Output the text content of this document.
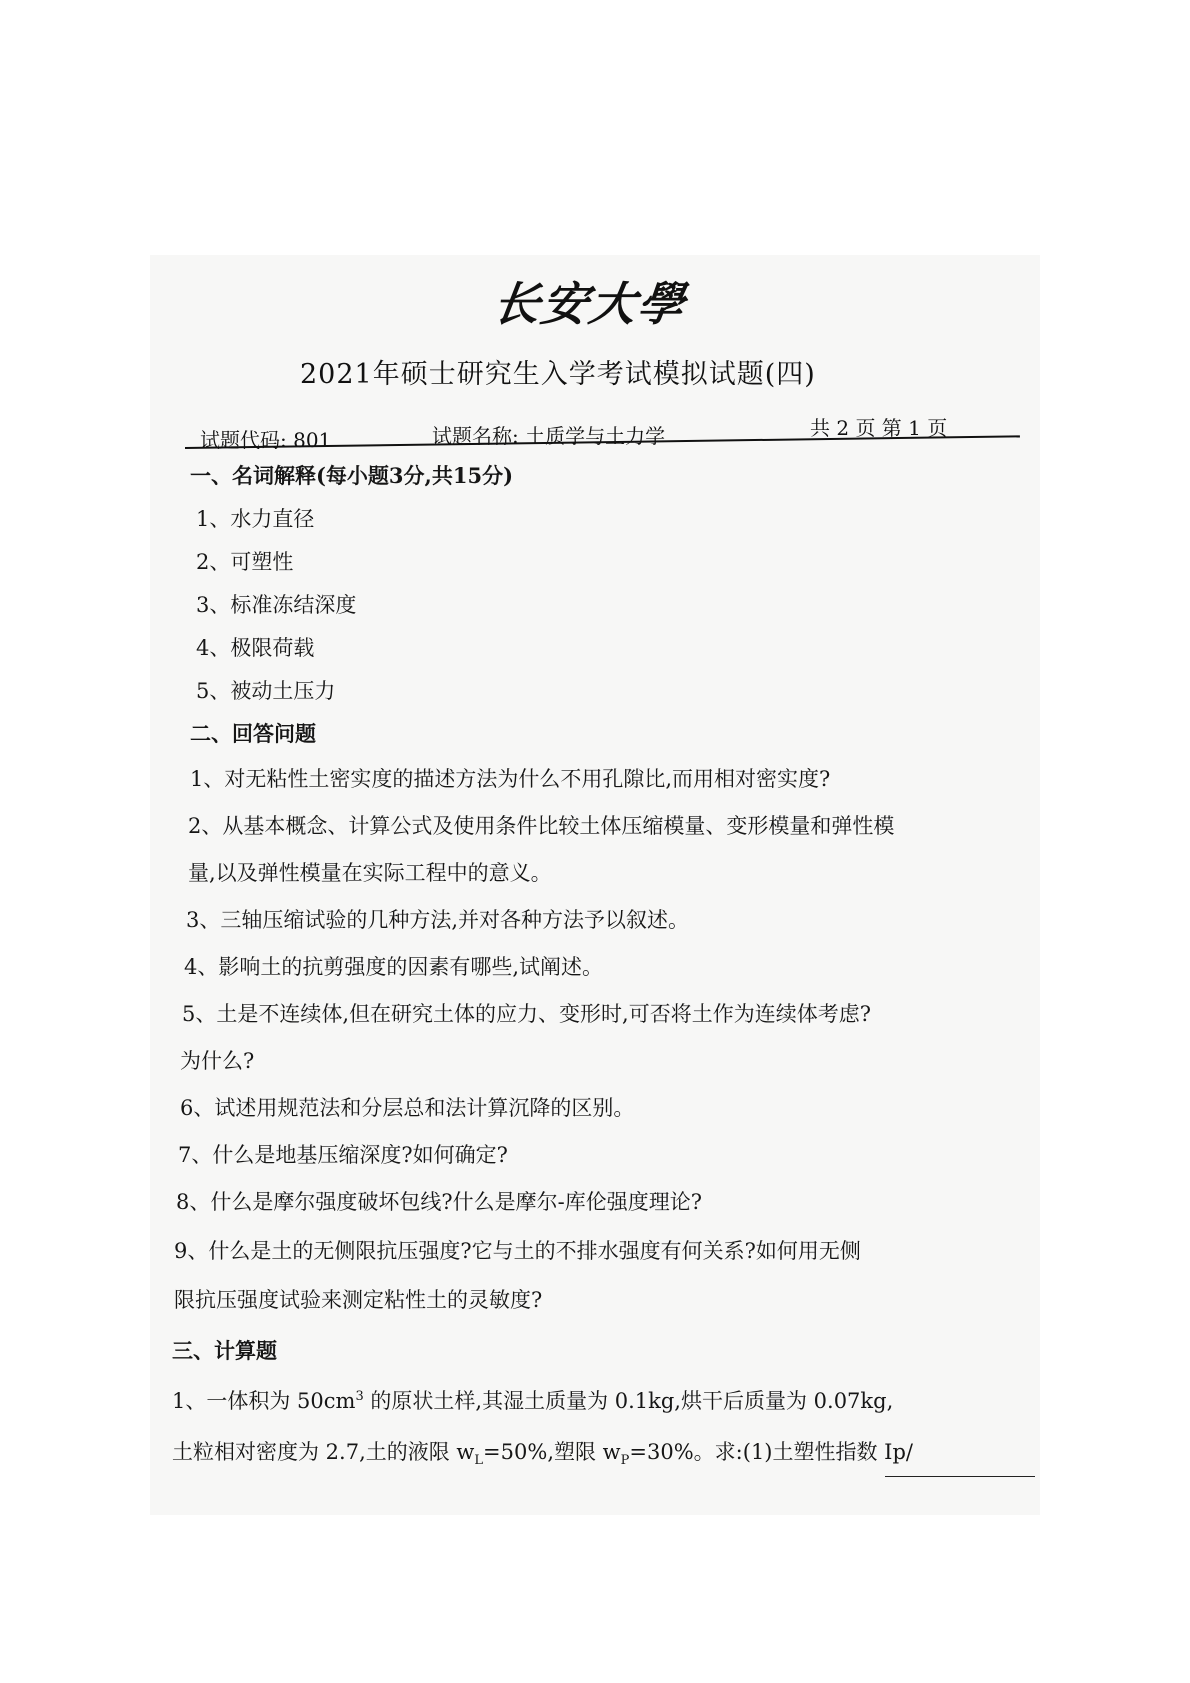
长安大學
2021年硕士研究生入学考试模拟试题(四)
试题代码: 801	试题名称: 土质学与土力学	共 2 页 第 1 页
一、名词解释(每小题3分,共15分)
1、水力直径
2、可塑性
3、标准冻结深度
4、极限荷载
5、被动土压力
二、回答问题
1、对无粘性土密实度的描述方法为什么不用孔隙比,而用相对密实度?
2、从基本概念、计算公式及使用条件比较土体压缩模量、变形模量和弹性模
量,以及弹性模量在实际工程中的意义。
3、三轴压缩试验的几种方法,并对各种方法予以叙述。
4、影响土的抗剪强度的因素有哪些,试阐述。
5、土是不连续体,但在研究土体的应力、变形时,可否将土作为连续体考虑?
为什么?
6、试述用规范法和分层总和法计算沉降的区别。
7、什么是地基压缩深度?如何确定?
8、什么是摩尔强度破坏包线?什么是摩尔-库伦强度理论?
9、什么是土的无侧限抗压强度?它与土的不排水强度有何关系?如何用无侧
限抗压强度试验来测定粘性土的灵敏度?
三、计算题
1、一体积为 $50cm^3$ 的原状土样,其湿土质量为 0.1kg,烘干后质量为 0.07kg,
土粒相对密度为 2.7,土的液限 $w_L=50\%$,塑限 $w_P=30\%$。求:(1)土塑性指数 Ip/
